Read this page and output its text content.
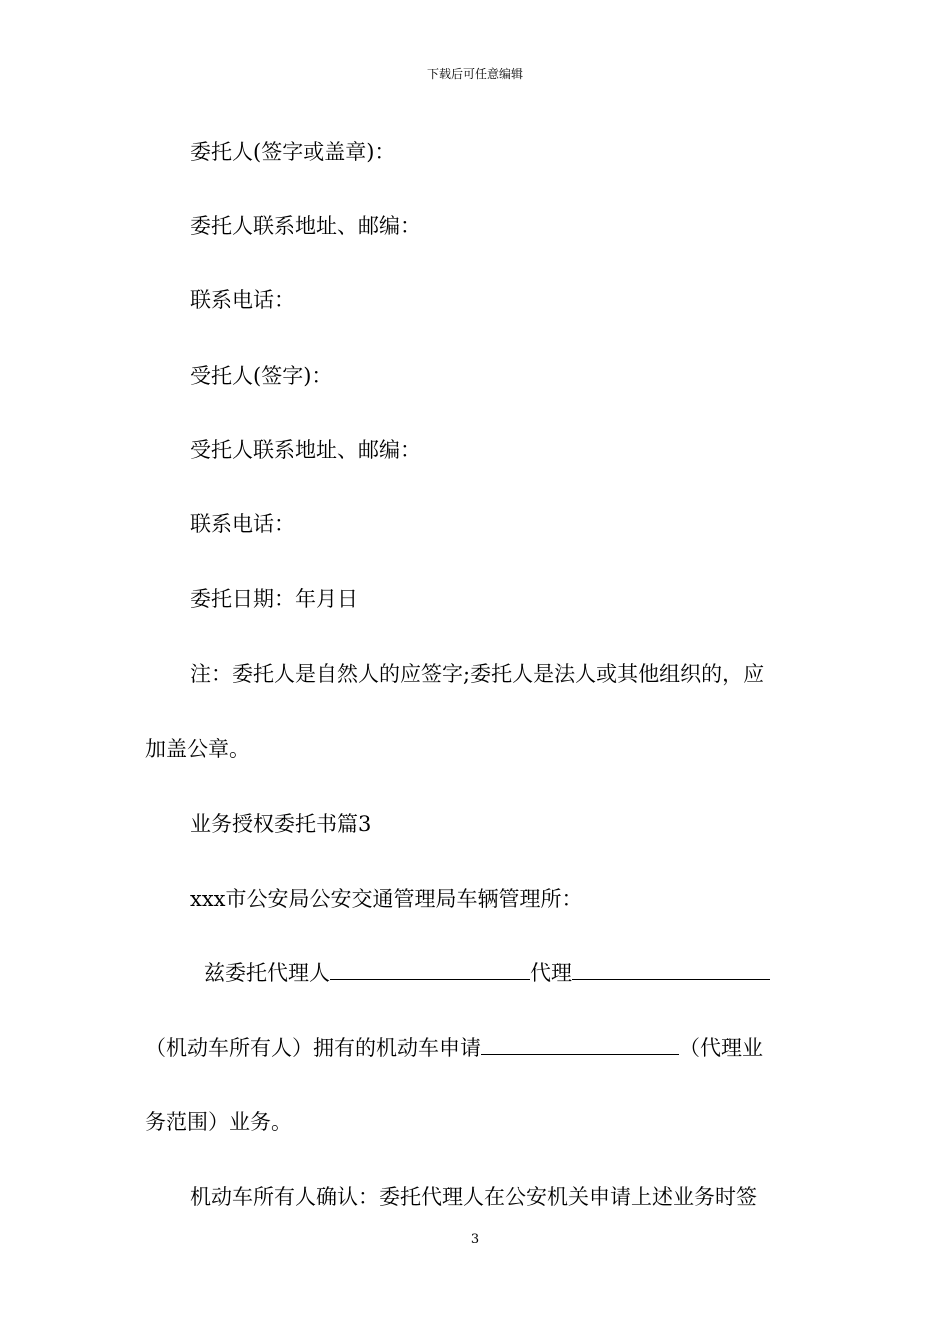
下载后可任意编辑
委托人(签字或盖章)：
委托人联系地址、邮编：
联系电话：
受托人(签字)：
受托人联系地址、邮编：
联系电话：
委托日期：年月日
注：委托人是自然人的应签字;委托人是法人或其他组织的，应
加盖公章。
业务授权委托书篇3
xxx市公安局公安交通管理局车辆管理所：
兹委托代理人	代理
（机动车所有人）拥有的机动车申请	（代理业
务范围）业务。
机动车所有人确认：委托代理人在公安机关申请上述业务时签
3
